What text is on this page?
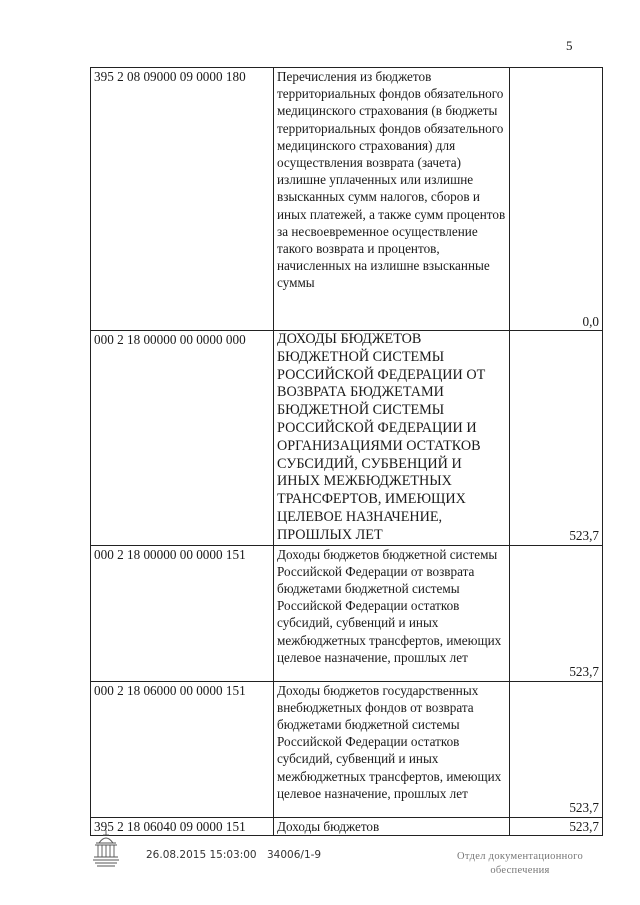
5
395 2 08 09000 09 0000 180	Перечисления из бюджетов территориальных фондов обязательного медицинского страхования (в бюджеты территориальных фондов обязательного медицинского страхования) для осуществления возврата (зачета) излишне уплаченных или излишне взысканных сумм налогов, сборов и иных платежей, а также сумм процентов за несвоевременное осуществление такого возврата и процентов, начисленных на излишне взысканные суммы	0,0
000 2 18 00000 00 0000 000	ДОХОДЫ БЮДЖЕТОВ БЮДЖЕТНОЙ СИСТЕМЫ РОССИЙСКОЙ ФЕДЕРАЦИИ ОТ ВОЗВРАТА БЮДЖЕТАМИ БЮДЖЕТНОЙ СИСТЕМЫ РОССИЙСКОЙ ФЕДЕРАЦИИ И ОРГАНИЗАЦИЯМИ ОСТАТКОВ СУБСИДИЙ, СУБВЕНЦИЙ И ИНЫХ МЕЖБЮДЖЕТНЫХ ТРАНСФЕРТОВ, ИМЕЮЩИХ ЦЕЛЕВОЕ НАЗНАЧЕНИЕ, ПРОШЛЫХ ЛЕТ	523,7
000 2 18 00000 00 0000 151	Доходы бюджетов бюджетной системы Российской Федерации от возврата бюджетами бюджетной системы Российской Федерации остатков субсидий, субвенций и иных межбюджетных трансфертов, имеющих целевое назначение, прошлых лет	523,7
000 2 18 06000 00 0000 151	Доходы бюджетов государственных внебюджетных фондов от возврата бюджетами бюджетной системы Российской Федерации остатков субсидий, субвенций и иных межбюджетных трансфертов, имеющих целевое назначение, прошлых лет	523,7
395 2 18 06040 09 0000 151	Доходы бюджетов	523,7
26.08.2015 15:03:00 34006/1-9	Отдел документационного
обеспечения
